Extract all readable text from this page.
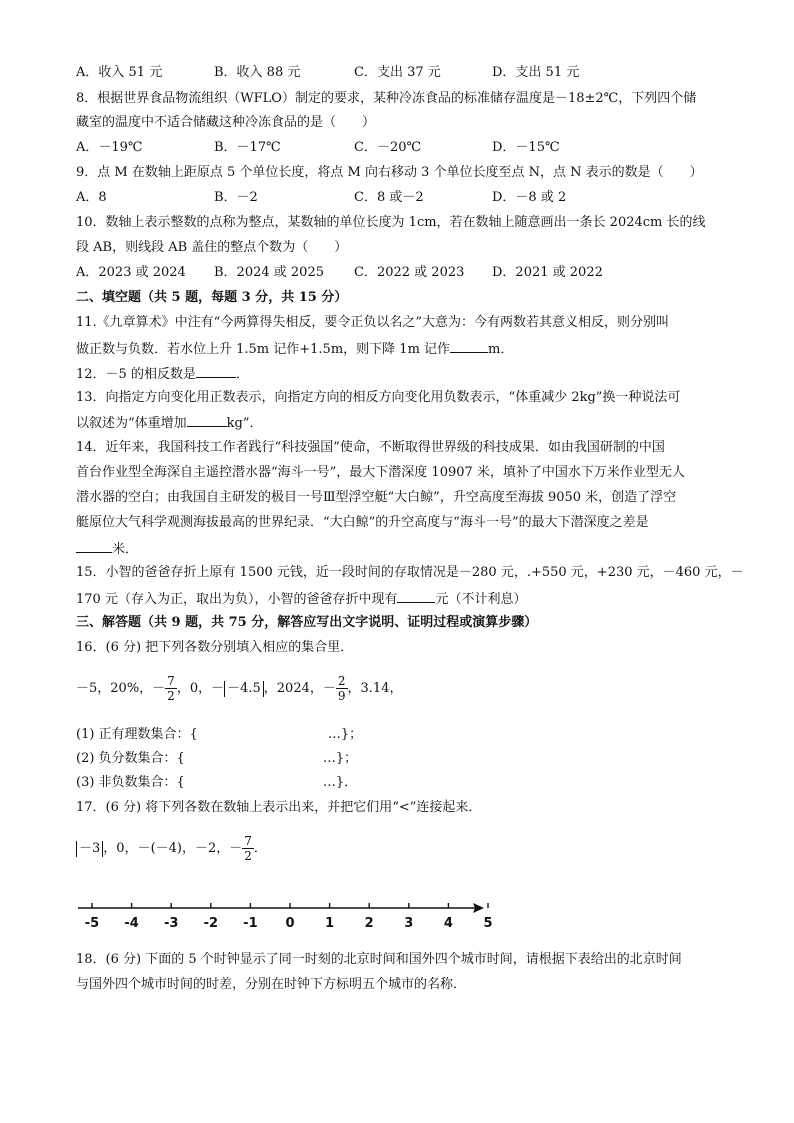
A．收入 51 元	B．收入 88 元	C．支出 37 元	D．支出 51 元
8．根据世界食品物流组织（WFLO）制定的要求，某种冷冻食品的标准储存温度是－18±2℃，下列四个储
藏室的温度中不适合储藏这种冷冻食品的是（　　）
A．－19℃	B．－17℃	C．－20℃	D．－15℃
9．点 M 在数轴上距原点 5 个单位长度，将点 M 向右移动 3 个单位长度至点 N，点 N 表示的数是（　　）
A．8	B．－2	C．8 或－2	D．－8 或 2
10．数轴上表示整数的点称为整点，某数轴的单位长度为 1cm，若在数轴上随意画出一条长 2024cm 长的线
段 AB，则线段 AB 盖住的整点个数为（　　）
A．2023 或 2024 B．2024 或 2025 C．2022 或 2023 D．2021 或 2022
二、填空题（共 5 题，每题 3 分，共 15 分）
11.《九章算术》中注有“今两算得失相反，要令正负以名之”大意为：今有两数若其意义相反，则分别叫
做正数与负数．若水位上升 1.5m 记作+1.5m，则下降 1m 记作	m．
12．－5 的相反数是	．
13．向指定方向变化用正数表示，向指定方向的相反方向变化用负数表示，“体重减少 2kg”换一种说法可
以叙述为“体重增加	kg”．
14．近年来，我国科技工作者践行“科技强国”使命，不断取得世界级的科技成果．如由我国研制的中国
首台作业型全海深自主遥控潜水器“海斗一号”，最大下潜深度 10907 米，填补了中国水下万米作业型无人
潜水器的空白；由我国自主研发的极目一号Ⅲ型浮空艇“大白鲸”，升空高度至海拔 9050 米，创造了浮空
艇原位大气科学观测海拔最高的世界纪录．“大白鲸”的升空高度与“海斗一号”的最大下潜深度之差是
米．
15．小智的爸爸存折上原有 1500 元钱，近一段时间的存取情况是－280 元，.+550 元，+230 元，－460 元，－
170 元（存入为正，取出为负），小智的爸爸存折中现有	元（不计利息）
三、解答题（共 9 题，共 75 分，解答应写出文字说明、证明过程或演算步骤）
16．(6 分) 把下列各数分别填入相应的集合里．
－5，20%，－ $\frac{7}{2}$ ，0，－ －4.5 ，2024，－ $\frac{2}{9}$ ，3.14，
(1) 正有理数集合：{	…}；
(2) 负分数集合：{	…}；
(3) 非负数集合：{	…}．
17．(6 分) 将下列各数在数轴上表示出来，并把它们用“<”连接起来．
－3 ，0，－(－4)，－2，－ $\frac{7}{2}$ ．
-5 -4 -3 -2 -1 0 1 2 3 4 5
18．(6 分) 下面的 5 个时钟显示了同一时刻的北京时间和国外四个城市时间，请根据下表给出的北京时间
与国外四个城市时间的时差，分别在时钟下方标明五个城市的名称．
